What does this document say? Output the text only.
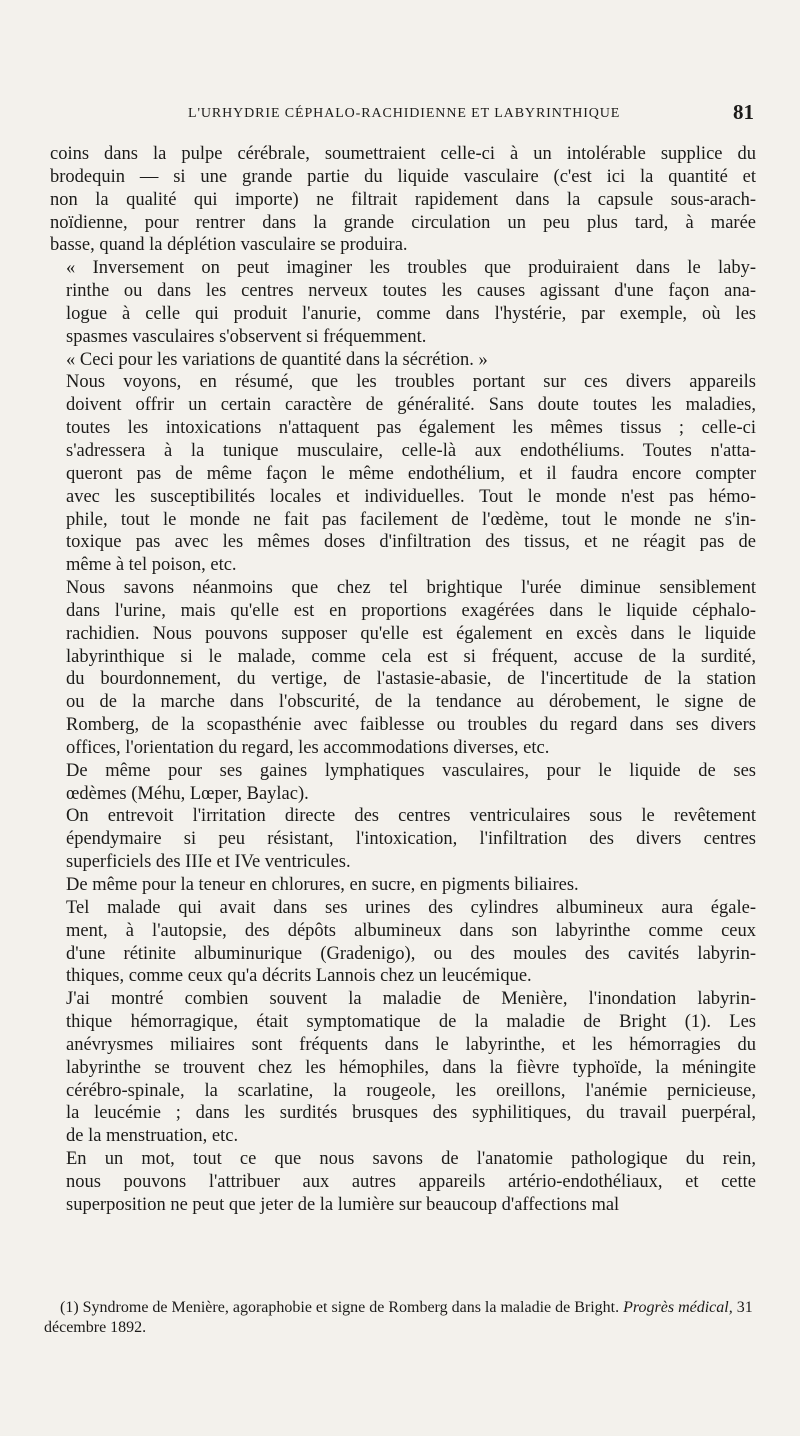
L'URHYDRIE CÉPHALO-RACHIDIENNE ET LABYRINTHIQUE	81

coins dans la pulpe cérébrale, soumettraient celle-ci à un intolérable supplice du
brodequin — si une grande partie du liquide vasculaire (c'est ici la quantité et
non la qualité qui importe) ne filtrait rapidement dans la capsule sous-arach-
noïdienne, pour rentrer dans la grande circulation un peu plus tard, à marée
basse, quand la déplétion vasculaire se produira.

« Inversement on peut imaginer les troubles que produiraient dans le laby-
rinthe ou dans les centres nerveux toutes les causes agissant d'une façon ana-
logue à celle qui produit l'anurie, comme dans l'hystérie, par exemple, où les
spasmes vasculaires s'observent si fréquemment.

« Ceci pour les variations de quantité dans la sécrétion. »

Nous voyons, en résumé, que les troubles portant sur ces divers appareils
doivent offrir un certain caractère de généralité. Sans doute toutes les maladies,
toutes les intoxications n'attaquent pas également les mêmes tissus ; celle-ci
s'adressera à la tunique musculaire, celle-là aux endothéliums. Toutes n'atta-
queront pas de même façon le même endothélium, et il faudra encore compter
avec les susceptibilités locales et individuelles. Tout le monde n'est pas hémo-
phile, tout le monde ne fait pas facilement de l'œdème, tout le monde ne s'in-
toxique pas avec les mêmes doses d'infiltration des tissus, et ne réagit pas de
même à tel poison, etc.

Nous savons néanmoins que chez tel brightique l'urée diminue sensiblement
dans l'urine, mais qu'elle est en proportions exagérées dans le liquide céphalo-
rachidien. Nous pouvons supposer qu'elle est également en excès dans le liquide
labyrinthique si le malade, comme cela est si fréquent, accuse de la surdité,
du bourdonnement, du vertige, de l'astasie-abasie, de l'incertitude de la station
ou de la marche dans l'obscurité, de la tendance au dérobement, le signe de
Romberg, de la scopasthénie avec faiblesse ou troubles du regard dans ses divers
offices, l'orientation du regard, les accommodations diverses, etc.

De même pour ses gaines lymphatiques vasculaires, pour le liquide de ses
œdèmes (Méhu, Lœper, Baylac).

On entrevoit l'irritation directe des centres ventriculaires sous le revêtement
épendymaire si peu résistant, l'intoxication, l'infiltration des divers centres
superficiels des IIIe et IVe ventricules.

De même pour la teneur en chlorures, en sucre, en pigments biliaires.

Tel malade qui avait dans ses urines des cylindres albumineux aura égale-
ment, à l'autopsie, des dépôts albumineux dans son labyrinthe comme ceux
d'une rétinite albuminurique (Gradenigo), ou des moules des cavités labyrin-
thiques, comme ceux qu'a décrits Lannois chez un leucémique.

J'ai montré combien souvent la maladie de Menière, l'inondation labyrin-
thique hémorragique, était symptomatique de la maladie de Bright (1). Les
anévrysmes miliaires sont fréquents dans le labyrinthe, et les hémorragies du
labyrinthe se trouvent chez les hémophiles, dans la fièvre typhoïde, la méningite
cérébro-spinale, la scarlatine, la rougeole, les oreillons, l'anémie pernicieuse,
la leucémie ; dans les surdités brusques des syphilitiques, du travail puerpéral,
de la menstruation, etc.

En un mot, tout ce que nous savons de l'anatomie pathologique du rein,
nous pouvons l'attribuer aux autres appareils artério-endothéliaux, et cette
superposition ne peut que jeter de la lumière sur beaucoup d'affections mal

(1) Syndrome de Menière, agoraphobie et signe de Romberg dans la maladie de Bright. Progrès médical, 31 décembre 1892.
